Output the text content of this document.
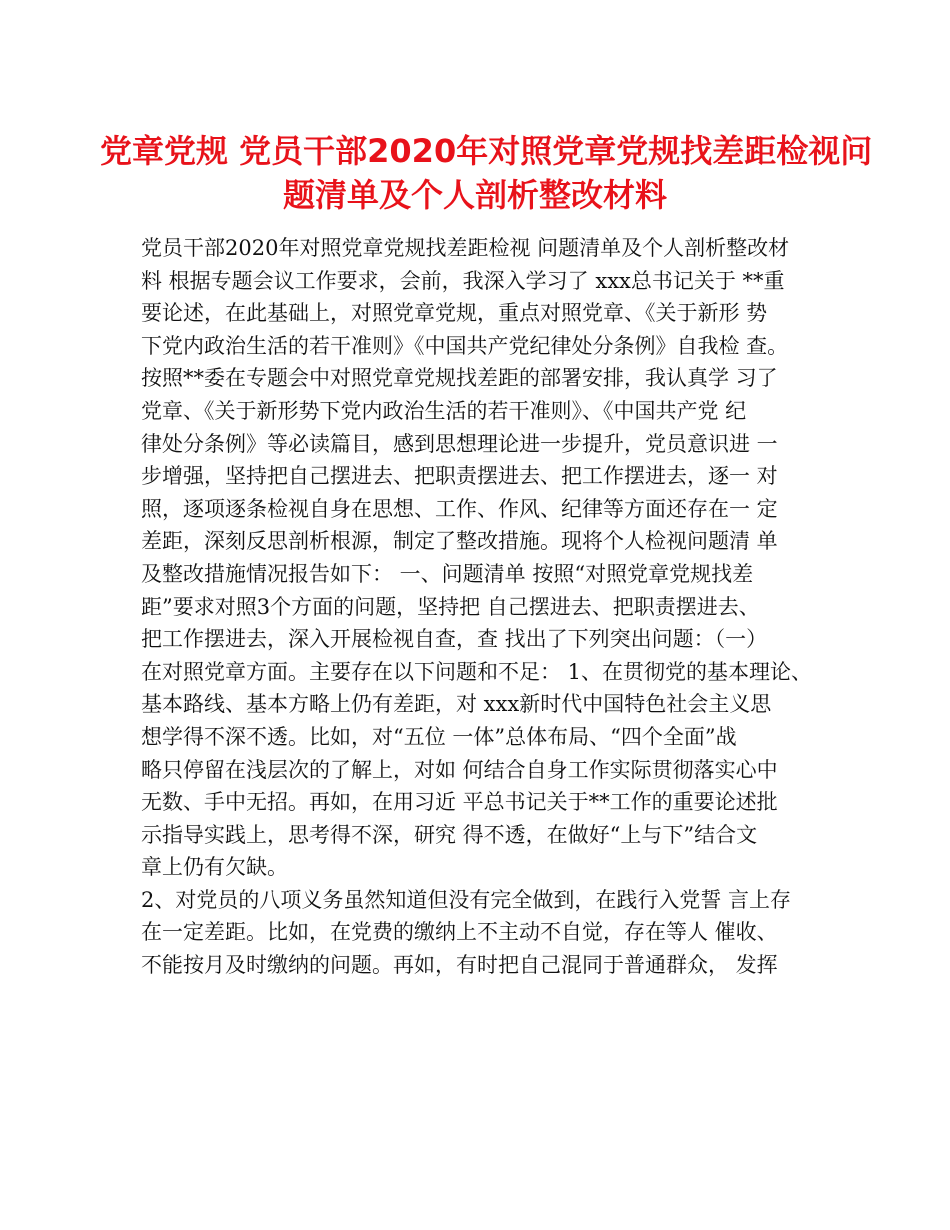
党章党规 党员干部2020年对照党章党规找差距检视问
题清单及个人剖析整改材料
党员干部2020年对照党章党规找差距检视 问题清单及个人剖析整改材
料 根据专题会议工作要求，会前，我深入学习了 xxx总书记关于 **重
要论述，在此基础上，对照党章党规，重点对照党章、《关于新形 势
下党内政治生活的若干准则》《中国共产党纪律处分条例》自我检 查。
按照**委在专题会中对照党章党规找差距的部署安排，我认真学 习了
党章、《关于新形势下党内政治生活的若干准则》、《中国共产党 纪
律处分条例》等必读篇目，感到思想理论进一步提升，党员意识进 一
步增强，坚持把自己摆进去、把职责摆进去、把工作摆进去，逐一 对
照，逐项逐条检视自身在思想、工作、作风、纪律等方面还存在一 定
差距，深刻反思剖析根源，制定了整改措施。现将个人检视问题清 单
及整改措施情况报告如下： 一、问题清单 按照“对照党章党规找差
距”要求对照3个方面的问题，坚持把 自己摆进去、把职责摆进去、
把工作摆进去，深入开展检视自查，查 找出了下列突出问题：（一）
在对照党章方面。主要存在以下问题和不足： 1、在贯彻党的基本理论、
基本路线、基本方略上仍有差距，对 xxx新时代中国特色社会主义思
想学得不深不透。比如，对“五位 一体”总体布局、“四个全面”战
略只停留在浅层次的了解上，对如 何结合自身工作实际贯彻落实心中
无数、手中无招。再如，在用习近 平总书记关于**工作的重要论述批
示指导实践上，思考得不深，研究 得不透，在做好“上与下”结合文
章上仍有欠缺。
2、对党员的八项义务虽然知道但没有完全做到，在践行入党誓 言上存
在一定差距。比如，在党费的缴纳上不主动不自觉，存在等人 催收、
不能按月及时缴纳的问题。再如，有时把自己混同于普通群众， 发挥
